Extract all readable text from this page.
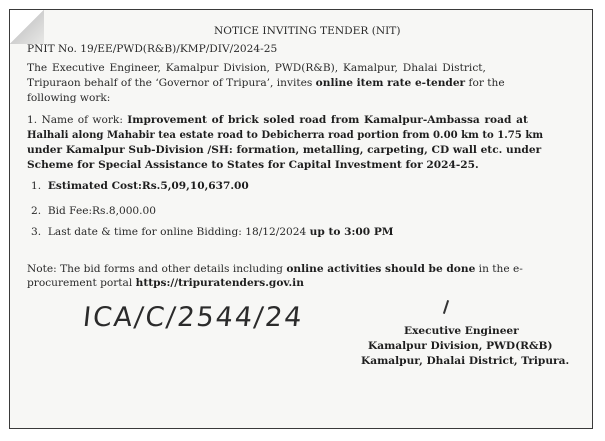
NOTICE INVITING TENDER (NIT)
PNIT No. 19/EE/PWD(R&B)/KMP/DIV/2024-25
The Executive Engineer, Kamalpur Division, PWD(R&B), Kamalpur, Dhalai District,
Tripuraon behalf of the ‘Governor of Tripura’, invites online item rate e-tender for the
following work:
1. Name of work: Improvement of brick soled road from Kamalpur-Ambassa road at
Halhali along Mahabir tea estate road to Debicherra road portion from 0.00 km to 1.75 km
under Kamalpur Sub-Division /SH: formation, metalling, carpeting, CD wall etc. under
Scheme for Special Assistance to States for Capital Investment for 2024-25.
1. Estimated Cost:Rs.5,09,10,637.00
2. Bid Fee:Rs.8,000.00
3. Last date & time for online Bidding: 18/12/2024 up to 3:00 PM
Note: The bid forms and other details including online activities should be done in the e-
procurement portal https://tripuratenders.gov.in
ICA/C/2544/24	Executive Engineer
Kamalpur Division, PWD(R&B)
Kamalpur, Dhalai District, Tripura.
